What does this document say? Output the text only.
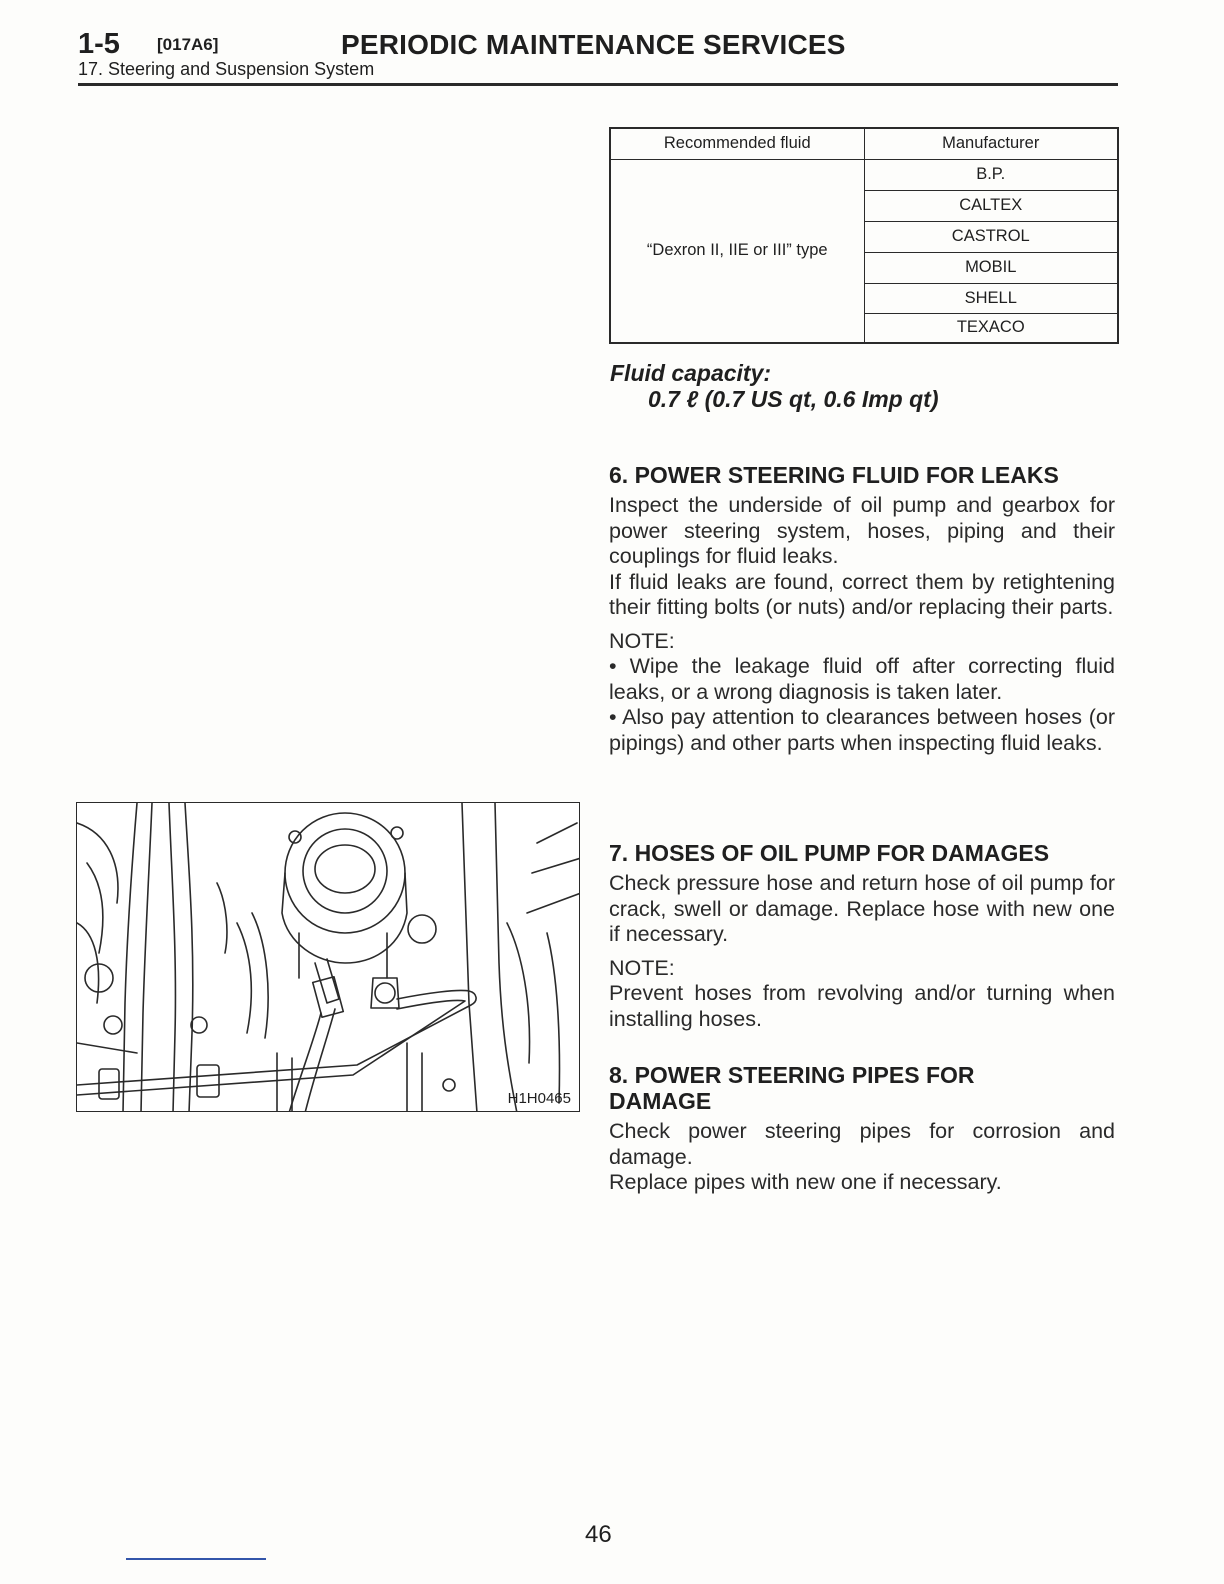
1-5 [017A6]	PERIODIC MAINTENANCE SERVICES
17. Steering and Suspension System
Recommended fluid	Manufacturer
“Dexron II, IIE or III” type	B.P.
	CALTEX
	CASTROL
	MOBIL
	SHELL
	TEXACO
Fluid capacity:
0.7 ℓ (0.7 US qt, 0.6 Imp qt)
6. POWER STEERING FLUID FOR LEAKS

Inspect the underside of oil pump and gearbox for power steering system, hoses, piping and their couplings for fluid leaks.

If fluid leaks are found, correct them by retightening their fitting bolts (or nuts) and/or replacing their parts.

NOTE:

• Wipe the leakage fluid off after correcting fluid leaks, or a wrong diagnosis is taken later.

• Also pay attention to clearances between hoses (or pipings) and other parts when inspecting fluid leaks.

7. HOSES OF OIL PUMP FOR DAMAGES

Check pressure hose and return hose of oil pump for crack, swell or damage. Replace hose with new one if necessary.

NOTE:

Prevent hoses from revolving and/or turning when installing hoses.

8. POWER STEERING PIPES FOR DAMAGE

Check power steering pipes for corrosion and damage.

Replace pipes with new one if necessary.

H1H0465
46
